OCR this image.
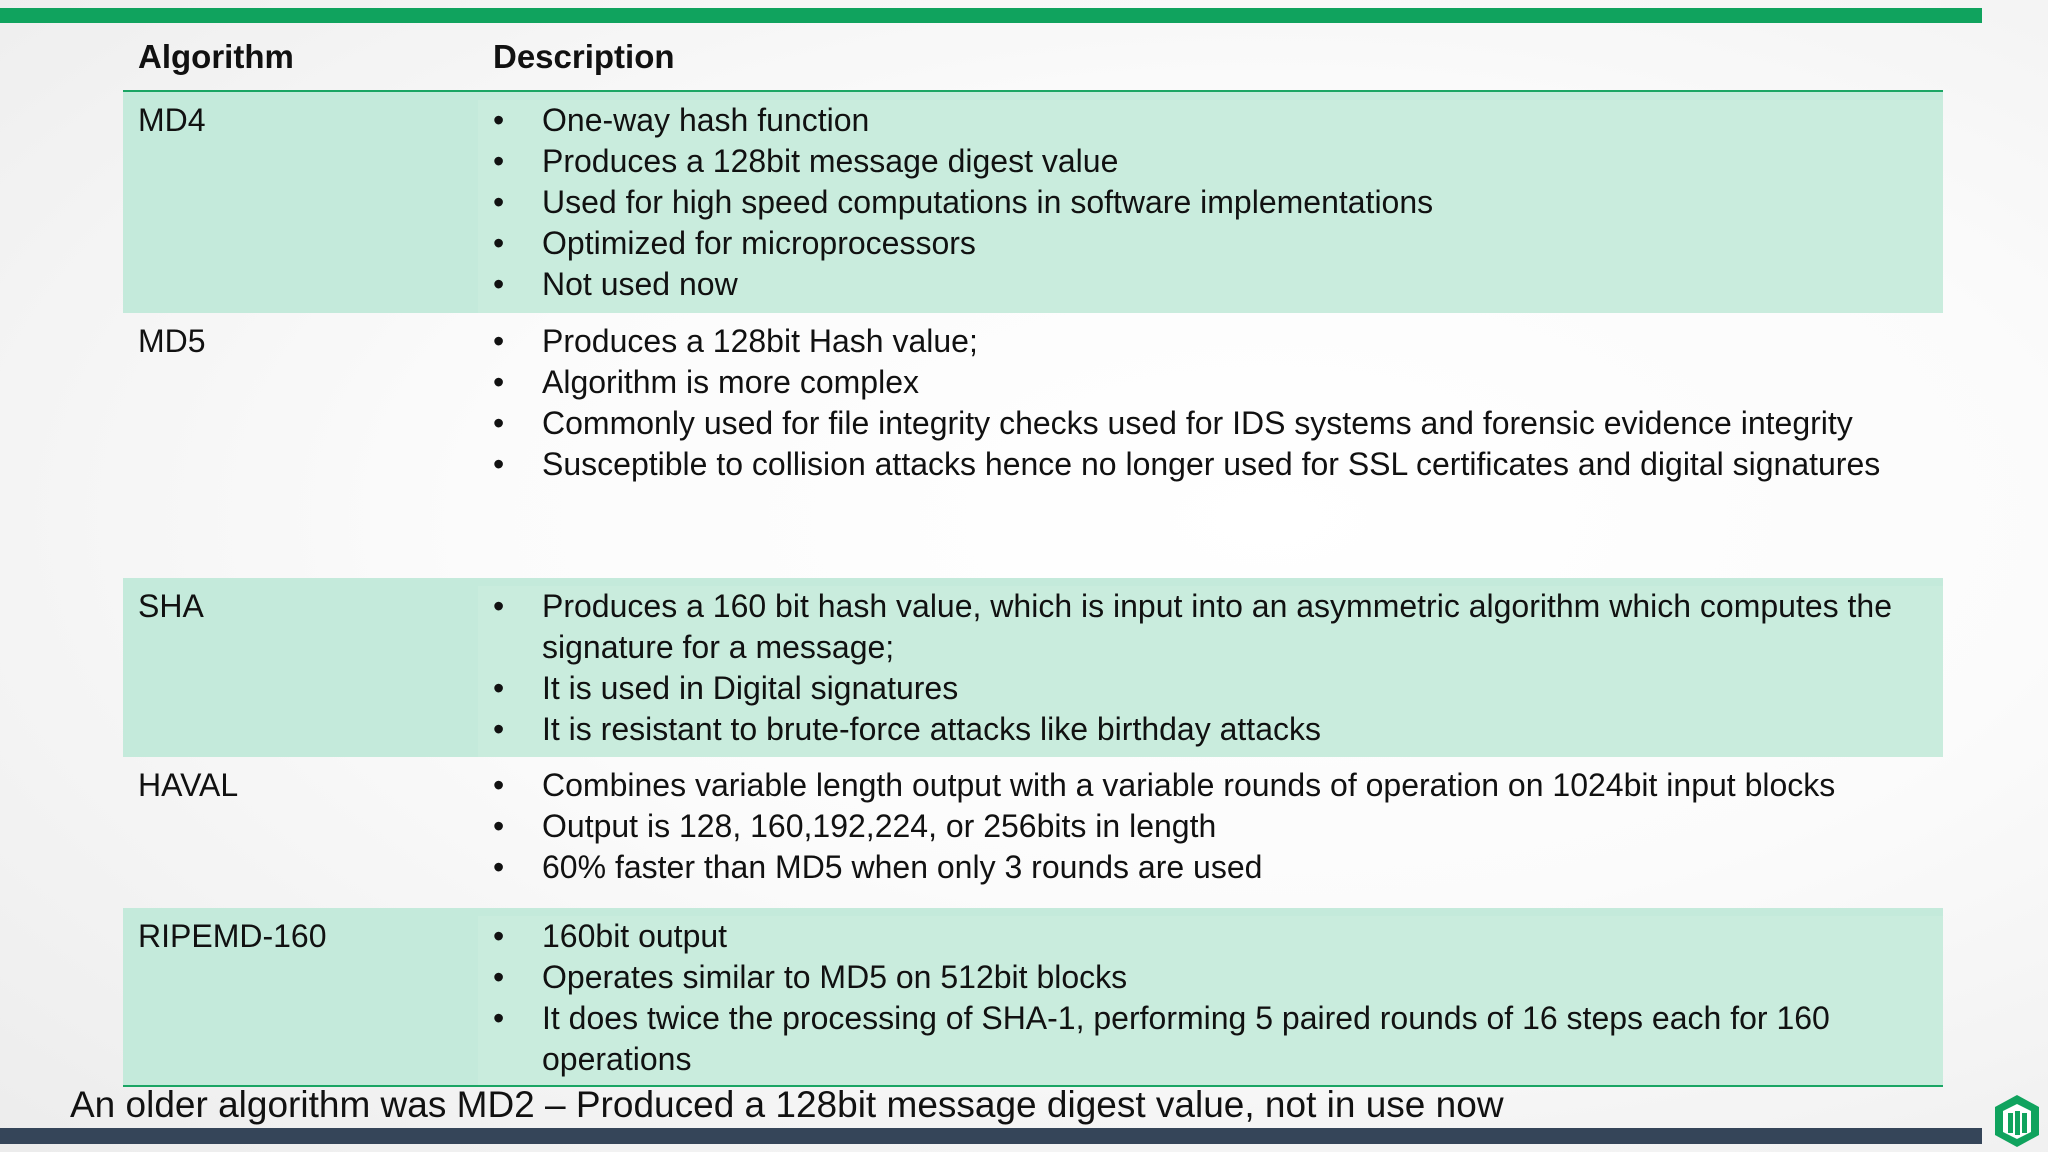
Algorithm	Description
MD4	• One-way hash function
• Produces a 128bit message digest value
• Used for high speed computations in software implementations
• Optimized for microprocessors
• Not used now
MD5	• Produces a 128bit Hash value;
• Algorithm is more complex
• Commonly used for file integrity checks used for IDS systems and forensic evidence integrity
• Susceptible to collision attacks hence no longer used for SSL certificates and digital signatures
SHA	• Produces a 160 bit hash value, which is input into an asymmetric algorithm which computes the signature for a message;
• It is used in Digital signatures
• It is resistant to brute-force attacks like birthday attacks
HAVAL	• Combines variable length output with a variable rounds of operation on 1024bit input blocks
• Output is 128, 160,192,224, or 256bits in length
• 60% faster than MD5 when only 3 rounds are used
RIPEMD-160	• 160bit output
• Operates similar to MD5 on 512bit blocks
• It does twice the processing of SHA-1, performing 5 paired rounds of 16 steps each for 160 operations
An older algorithm was MD2 – Produced a 128bit message digest value, not in use now
